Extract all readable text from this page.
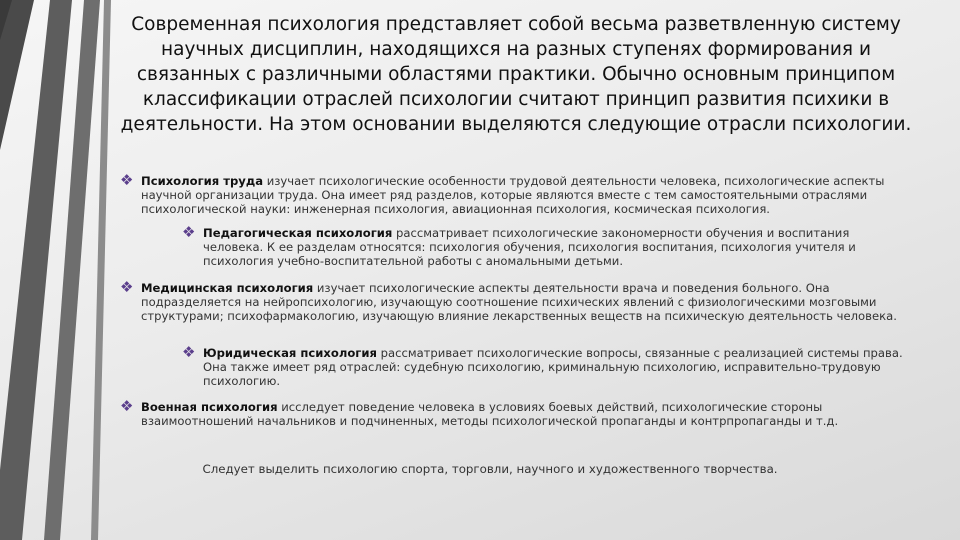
Современная психология представляет собой весьма разветвленную систему научных дисциплин, находящихся на разных ступенях формирования и связанных с различными областями практики. Обычно основным принципом классификации отраслей психологии считают принцип развития психики в деятельности. На этом основании выделяются следующие отрасли психологии.
❖ Психология труда изучает психологические особенности трудовой деятельности человека, психологические аспекты научной организации труда. Она имеет ряд разделов, которые являются вместе с тем самостоятельными отраслями психологической науки: инженерная психология, авиационная психология, космическая психология.
❖ Педагогическая психология рассматривает психологические закономерности обучения и воспитания человека. К ее разделам относятся: психология обучения, психология воспитания, психология учителя и психология учебно-воспитательной работы с аномальными детьми.
❖ Медицинская психология изучает психологические аспекты деятельности врача и поведения больного. Она подразделяется на нейропсихологию, изучающую соотношение психических явлений с физиологическими мозговыми структурами; психофармакологию, изучающую влияние лекарственных веществ на психическую деятельность человека.
❖ Юридическая психология рассматривает психологические вопросы, связанные с реализацией системы права. Она также имеет ряд отраслей: судебную психологию, криминальную психологию, исправительно-трудовую психологию.
❖ Военная психология исследует поведение человека в условиях боевых действий, психологические стороны взаимоотношений начальников и подчиненных, методы психологической пропаганды и контрпропаганды и т.д.
Следует выделить психологию спорта, торговли, научного и художественного творчества.
